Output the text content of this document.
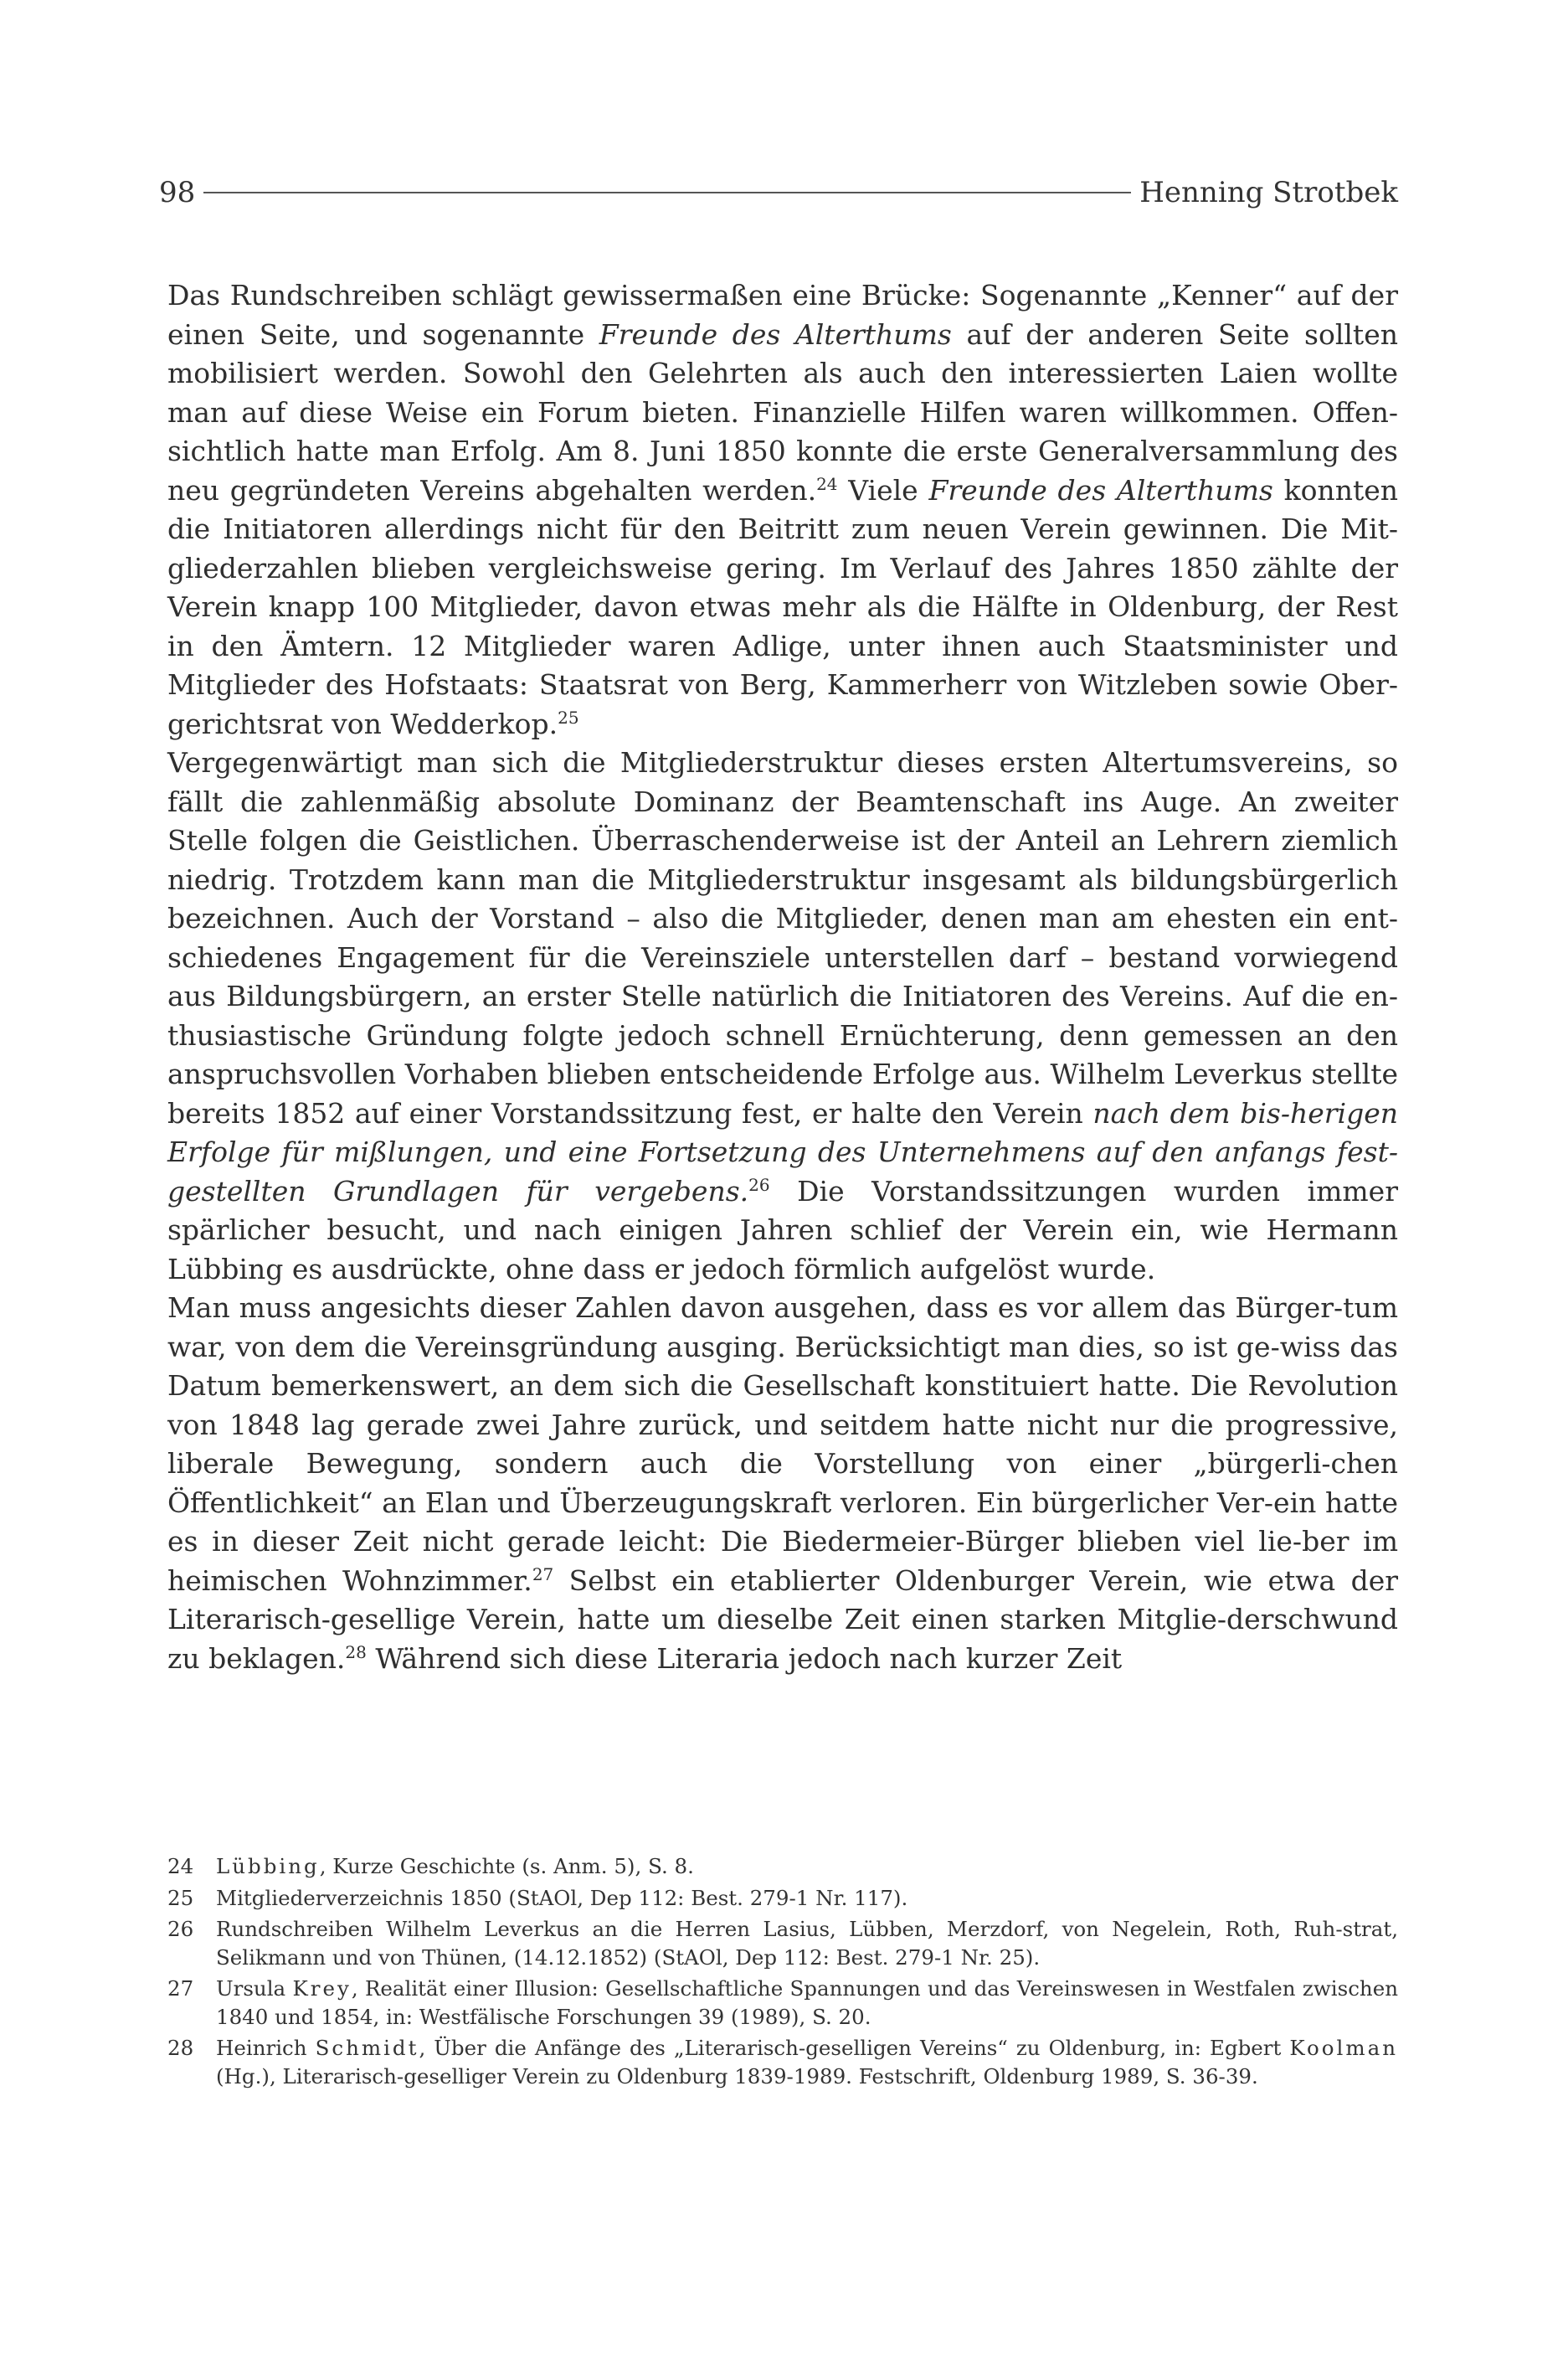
98	Henning Strotbek

Das Rundschreiben schlägt gewissermaßen eine Brücke: Sogenannte „Kenner“ auf der einen Seite, und sogenannte Freunde des Alterthums auf der anderen Seite sollten mobilisiert werden. Sowohl den Gelehrten als auch den interessierten Laien wollte man auf diese Weise ein Forum bieten. Finanzielle Hilfen waren willkommen. Offen-sichtlich hatte man Erfolg. Am 8. Juni 1850 konnte die erste Generalversammlung des neu gegründeten Vereins abgehalten werden.$^{24}$ Viele Freunde des Alterthums konnten die Initiatoren allerdings nicht für den Beitritt zum neuen Verein gewinnen. Die Mit-gliederzahlen blieben vergleichsweise gering. Im Verlauf des Jahres 1850 zählte der Verein knapp 100 Mitglieder, davon etwas mehr als die Hälfte in Oldenburg, der Rest in den Ämtern. 12 Mitglieder waren Adlige, unter ihnen auch Staatsminister und Mitglieder des Hofstaats: Staatsrat von Berg, Kammerherr von Witzleben sowie Ober-gerichtsrat von Wedderkop.$^{25}$

Vergegenwärtigt man sich die Mitgliederstruktur dieses ersten Altertumsvereins, so fällt die zahlenmäßig absolute Dominanz der Beamtenschaft ins Auge. An zweiter Stelle folgen die Geistlichen. Überraschenderweise ist der Anteil an Lehrern ziemlich niedrig. Trotzdem kann man die Mitgliederstruktur insgesamt als bildungsbürgerlich bezeichnen. Auch der Vorstand – also die Mitglieder, denen man am ehesten ein ent-schiedenes Engagement für die Vereinsziele unterstellen darf – bestand vorwiegend aus Bildungsbürgern, an erster Stelle natürlich die Initiatoren des Vereins. Auf die en-thusiastische Gründung folgte jedoch schnell Ernüchterung, denn gemessen an den anspruchsvollen Vorhaben blieben entscheidende Erfolge aus. Wilhelm Leverkus stellte bereits 1852 auf einer Vorstandssitzung fest, er halte den Verein nach dem bis-herigen Erfolge für mißlungen, und eine Fortsetzung des Unternehmens auf den anfangs fest-gestellten Grundlagen für vergebens.$^{26}$ Die Vorstandssitzungen wurden immer spärlicher besucht, und nach einigen Jahren schlief der Verein ein, wie Hermann Lübbing es ausdrückte, ohne dass er jedoch förmlich aufgelöst wurde.

Man muss angesichts dieser Zahlen davon ausgehen, dass es vor allem das Bürger-tum war, von dem die Vereinsgründung ausging. Berücksichtigt man dies, so ist ge-wiss das Datum bemerkenswert, an dem sich die Gesellschaft konstituiert hatte. Die Revolution von 1848 lag gerade zwei Jahre zurück, und seitdem hatte nicht nur die progressive, liberale Bewegung, sondern auch die Vorstellung von einer „bürgerli-chen Öffentlichkeit“ an Elan und Überzeugungskraft verloren. Ein bürgerlicher Ver-ein hatte es in dieser Zeit nicht gerade leicht: Die Biedermeier-Bürger blieben viel lie-ber im heimischen Wohnzimmer.$^{27}$ Selbst ein etablierter Oldenburger Verein, wie etwa der Literarisch-gesellige Verein, hatte um dieselbe Zeit einen starken Mitglie-derschwund zu beklagen.$^{28}$ Während sich diese Literaria jedoch nach kurzer Zeit

24	Lübbing, Kurze Geschichte (s. Anm. 5), S. 8.
25	Mitgliederverzeichnis 1850 (StAOl, Dep 112: Best. 279-1 Nr. 117).
26	Rundschreiben Wilhelm Leverkus an die Herren Lasius, Lübben, Merzdorf, von Negelein, Roth, Ruh-strat, Selikmann und von Thünen, (14.12.1852) (StAOl, Dep 112: Best. 279-1 Nr. 25).
27	Ursula Krey, Realität einer Illusion: Gesellschaftliche Spannungen und das Vereinswesen in Westfalen zwischen 1840 und 1854, in: Westfälische Forschungen 39 (1989), S. 20.
28	Heinrich Schmidt, Über die Anfänge des „Literarisch-geselligen Vereins“ zu Oldenburg, in: Egbert Koolman (Hg.), Literarisch-geselliger Verein zu Oldenburg 1839-1989. Festschrift, Oldenburg 1989, S. 36-39.
